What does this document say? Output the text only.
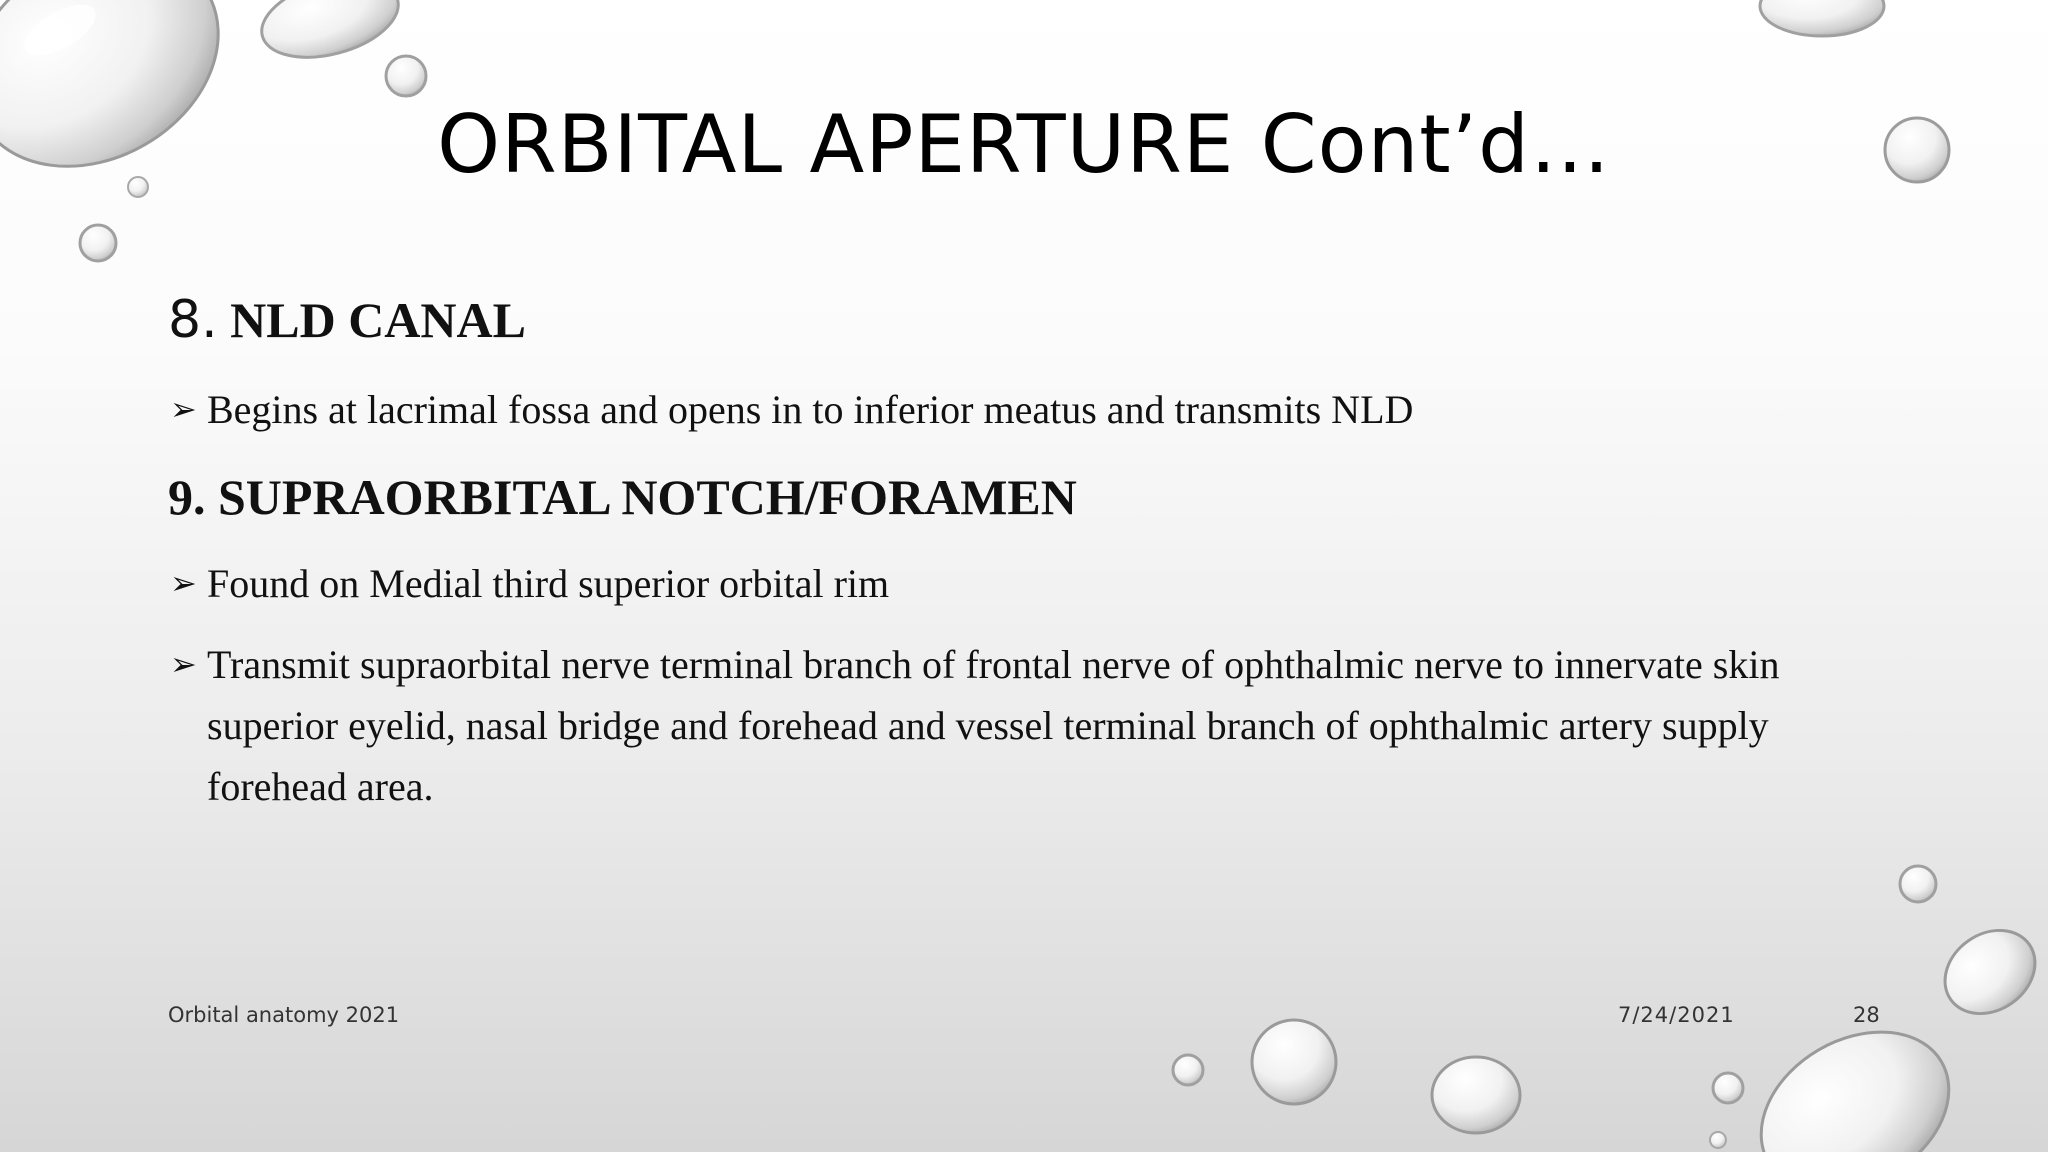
ORBITAL APERTURE Cont’d…
8. NLD CANAL
➢ Begins at lacrimal fossa and opens in to inferior meatus and transmits NLD
9. SUPRAORBITAL NOTCH/FORAMEN
➢ Found on Medial third superior orbital rim
➢ Transmit supraorbital nerve terminal branch of frontal nerve of ophthalmic nerve to innervate skin superior eyelid, nasal bridge and forehead and vessel terminal branch of ophthalmic artery supply forehead area.
Orbital anatomy 2021	7/24/2021	28
